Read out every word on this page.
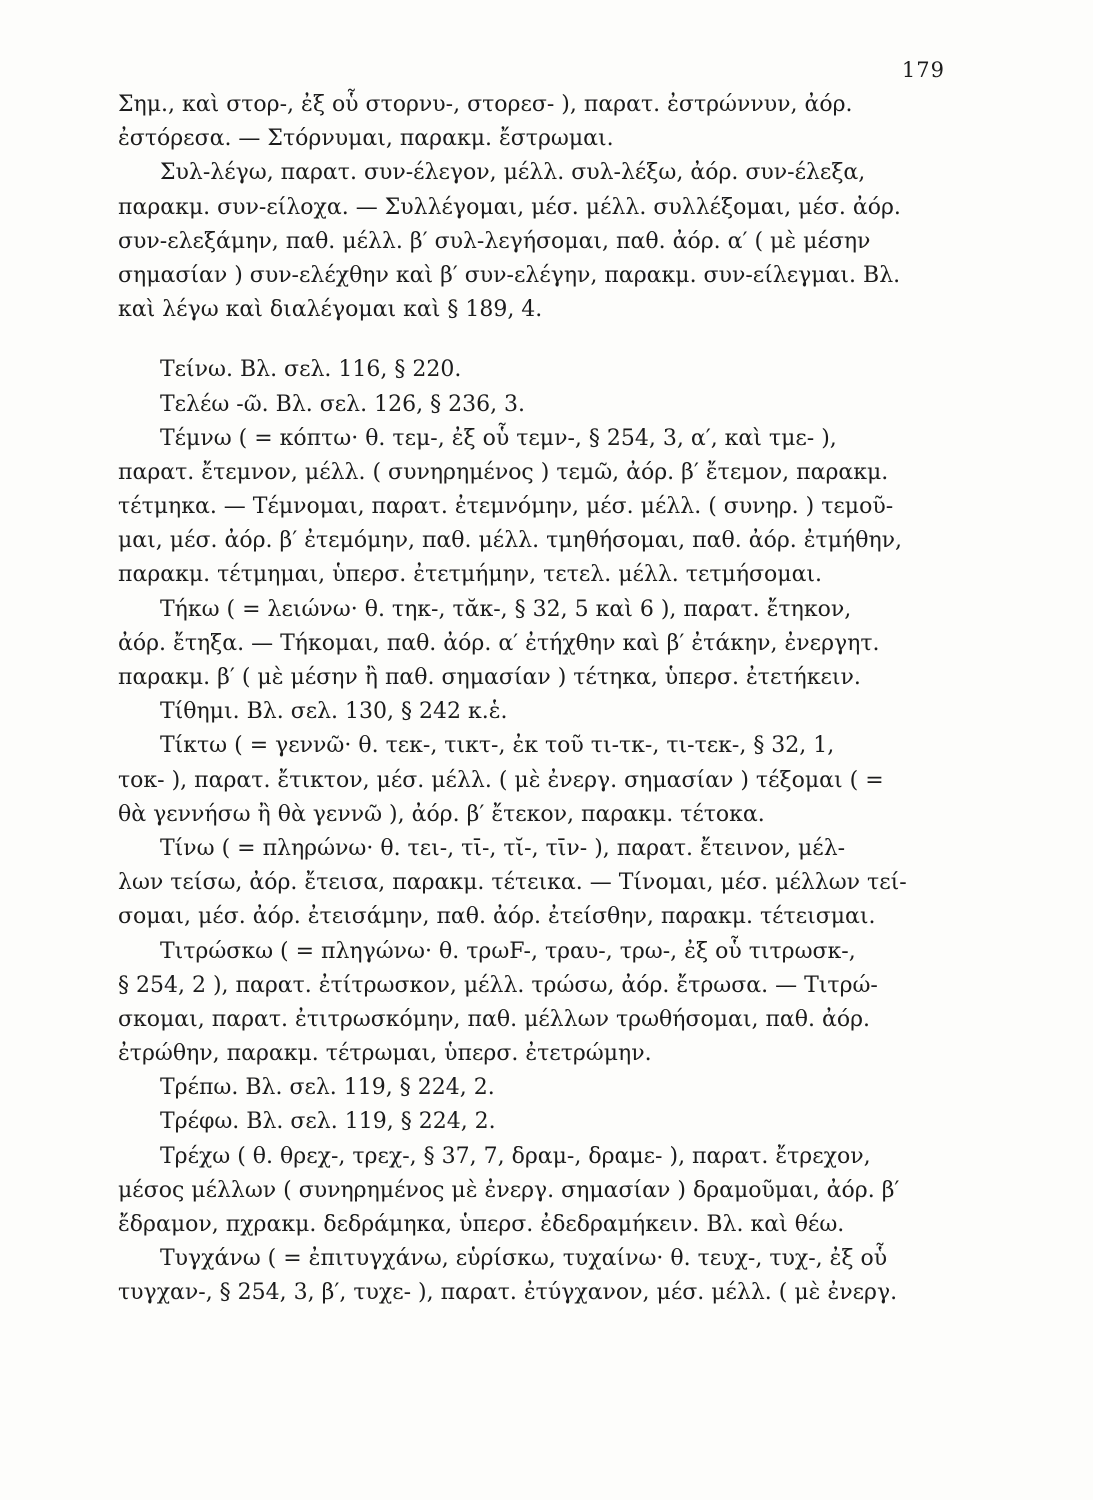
179
Σημ., καὶ στορ-, ἐξ οὗ στορνυ-, στορεσ- ), παρατ. ἐστρώννυν, ἀόρ.
ἐστόρεσα. — Στόρνυμαι, παρακμ. ἔστρωμαι.
Συλ-λέγω, παρατ. συν-έλεγον, μέλλ. συλ-λέξω, ἀόρ. συν-έλεξα,
παρακμ. συν-είλοχα. — Συλλέγομαι, μέσ. μέλλ. συλλέξομαι, μέσ. ἀόρ.
συν-ελεξάμην, παθ. μέλλ. β′ συλ-λεγήσομαι, παθ. ἀόρ. α′ ( μὲ μέσην
σημασίαν ) συν-ελέχθην καὶ β′ συν-ελέγην, παρακμ. συν-είλεγμαι. Βλ.
καὶ λέγω καὶ διαλέγομαι καὶ § 189, 4.
Τείνω. Βλ. σελ. 116, § 220.
Τελέω -ῶ. Βλ. σελ. 126, § 236, 3.
Τέμνω ( = κόπτω· θ. τεμ-, ἐξ οὗ τεμν-, § 254, 3, α′, καὶ τμε- ),
παρατ. ἔτεμνον, μέλλ. ( συνηρημένος ) τεμῶ, ἀόρ. β′ ἔτεμον, παρακμ.
τέτμηκα. — Τέμνομαι, παρατ. ἐτεμνόμην, μέσ. μέλλ. ( συνηρ. ) τεμοῦ-
μαι, μέσ. ἀόρ. β′ ἐτεμόμην, παθ. μέλλ. τμηθήσομαι, παθ. ἀόρ. ἐτμήθην,
παρακμ. τέτμημαι, ὑπερσ. ἐτετμήμην, τετελ. μέλλ. τετμήσομαι.
Τήκω ( = λειώνω· θ. τηκ-, τᾰκ-, § 32, 5 καὶ 6 ), παρατ. ἔτηκον,
ἀόρ. ἔτηξα. — Τήκομαι, παθ. ἀόρ. α′ ἐτήχθην καὶ β′ ἐτάκην, ἐνεργητ.
παρακμ. β′ ( μὲ μέσην ἢ παθ. σημασίαν ) τέτηκα, ὑπερσ. ἐτετήκειν.
Τίθημι. Βλ. σελ. 130, § 242 κ.ἑ.
Τίκτω ( = γεννῶ· θ. τεκ-, τικτ-, ἐκ τοῦ τι-τκ-, τι-τεκ-, § 32, 1,
τοκ- ), παρατ. ἔτικτον, μέσ. μέλλ. ( μὲ ἐνεργ. σημασίαν ) τέξομαι ( =
θὰ γεννήσω ἢ θὰ γεννῶ ), ἀόρ. β′ ἔτεκον, παρακμ. τέτοκα.
Τίνω ( = πληρώνω· θ. τει-, τῑ-, τῐ-, τῑν- ), παρατ. ἔτεινον, μέλ-
λων τείσω, ἀόρ. ἔτεισα, παρακμ. τέτεικα. — Τίνομαι, μέσ. μέλλων τεί-
σομαι, μέσ. ἀόρ. ἐτεισάμην, παθ. ἀόρ. ἐτείσθην, παρακμ. τέτεισμαι.
Τιτρώσκω ( = πληγώνω· θ. τρωF-, τραυ-, τρω-, ἐξ οὗ τιτρωσκ-,
§ 254, 2 ), παρατ. ἐτίτρωσκον, μέλλ. τρώσω, ἀόρ. ἔτρωσα. — Τιτρώ-
σκομαι, παρατ. ἐτιτρωσκόμην, παθ. μέλλων τρωθήσομαι, παθ. ἀόρ.
ἐτρώθην, παρακμ. τέτρωμαι, ὑπερσ. ἐτετρώμην.
Τρέπω. Βλ. σελ. 119, § 224, 2.
Τρέφω. Βλ. σελ. 119, § 224, 2.
Τρέχω ( θ. θρεχ-, τρεχ-, § 37, 7, δραμ-, δραμε- ), παρατ. ἔτρεχον,
μέσος μέλλων ( συνηρημένος μὲ ἐνεργ. σημασίαν ) δραμοῦμαι, ἀόρ. β′
ἔδραμον, πχρακμ. δεδράμηκα, ὑπερσ. ἐδεδραμήκειν. Βλ. καὶ θέω.
Τυγχάνω ( = ἐπιτυγχάνω, εὑρίσκω, τυχαίνω· θ. τευχ-, τυχ-, ἐξ οὗ
τυγχαν-, § 254, 3, β′, τυχε- ), παρατ. ἐτύγχανον, μέσ. μέλλ. ( μὲ ἐνεργ.
